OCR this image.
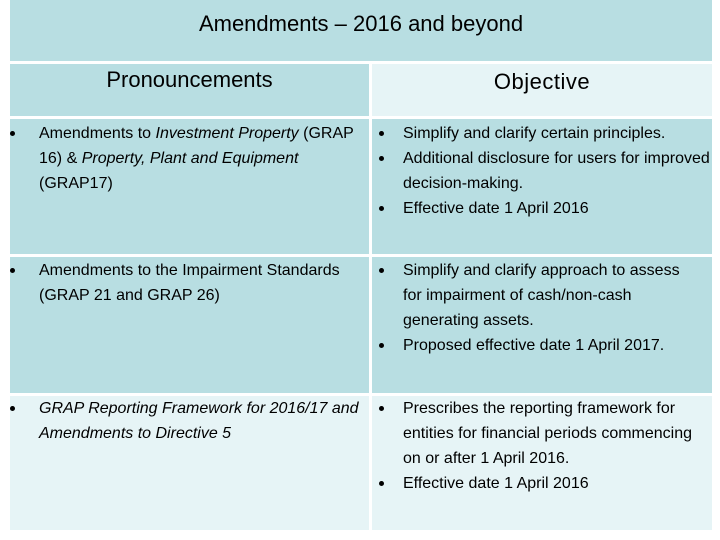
Amendments – 2016 and beyond
Pronouncements	Objective
Amendments to Investment Property (GRAP 16) & Property, Plant and Equipment (GRAP17)
Simplify and clarify certain principles.
Additional disclosure for users for improved decision-making.
Effective date 1 April 2016
Amendments to the Impairment Standards (GRAP 21 and GRAP 26)
Simplify and clarify approach to assess for impairment of cash/non-cash generating assets.
Proposed effective date 1 April 2017.
GRAP Reporting Framework for 2016/17 and Amendments to Directive 5
Prescribes the reporting framework for entities for financial periods commencing on or after 1 April 2016.
Effective date 1 April 2016
